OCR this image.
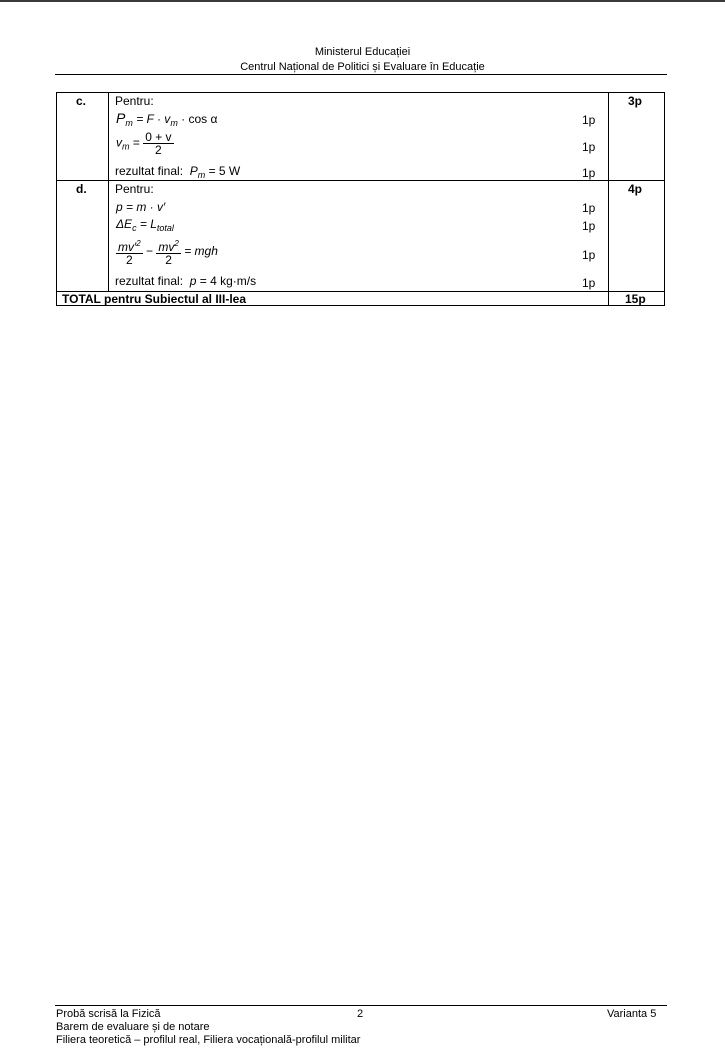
Ministerul Educației
Centrul Național de Politici și Evaluare în Educație
c. Pentru:
$P_m = F \cdot v_m \cdot \cos \alpha$	1p
$v_m = \frac{0 + v}{2}$	1p
rezultat final: $P_m = 5$ W	1p
3p
d. Pentru:
p = m · v′	1p
$\Delta E_c = L_{total}$	1p
$\frac{mv'^2}{2} - \frac{mv^2}{2}$ = mgh	1p
rezultat final: p = 4 kg·m/s	1p
4p
TOTAL pentru Subiectul al III-lea	15p
Probă scrisă la Fizică
Barem de evaluare și de notare
Filiera teoretică – profilul real, Filiera vocațională-profilul militar
2	Varianta 5
